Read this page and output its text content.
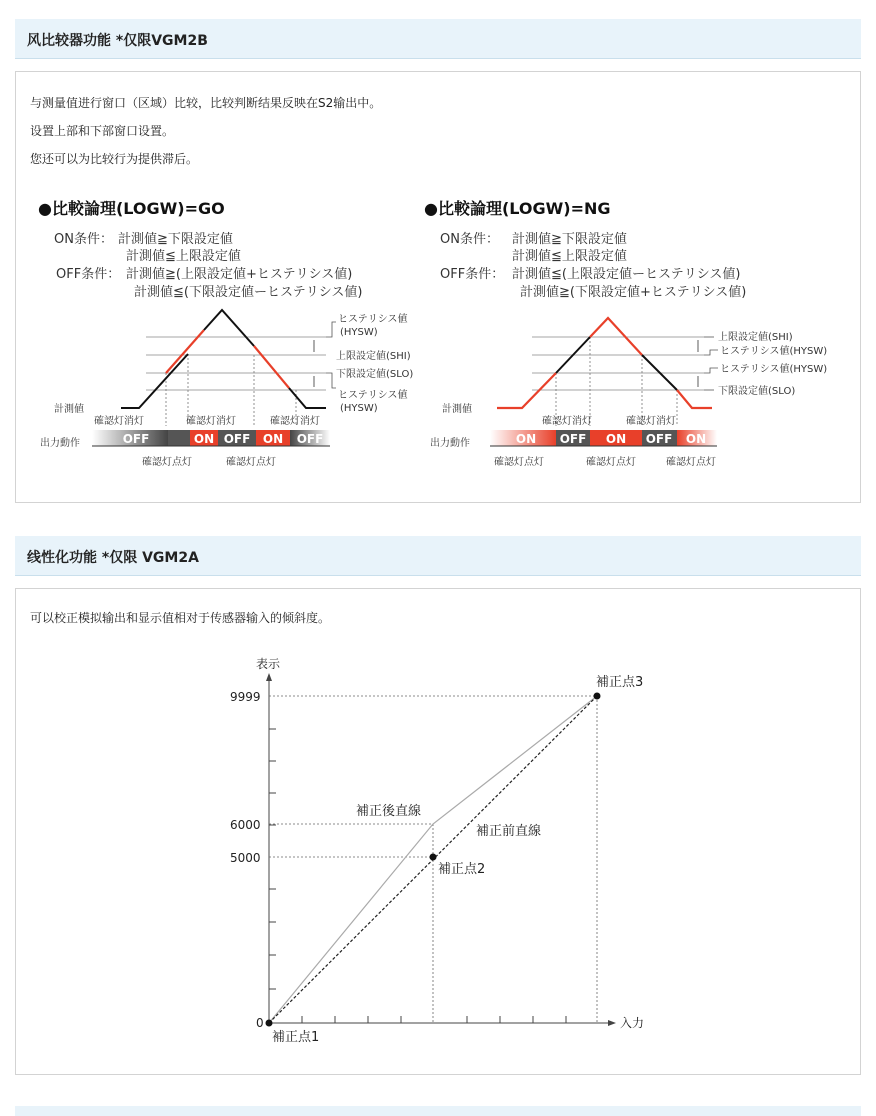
风比较器功能 *仅限VGM2B
与测量值进行窗口（区域）比较，比较判断结果反映在S2输出中。
设置上部和下部窗口设置。
您还可以为比较行为提供滞后。
●比較論理(LOGW)=GO
ON条件： 計測値≧下限設定値
計測値≦上限設定値
OFF条件： 計測値≧(上限設定値+ヒステリシス値)
計測値≦(下限設定値ーヒステリシス値)
ヒステリシス値
(HYSW)
上限設定値(SHI)
下限設定値(SLO)
ヒステリシス値
(HYSW)
計測値
確認灯消灯	確認灯消灯	確認灯消灯
出力動作	OFF	ON OFF ON OFF
確認灯点灯	確認灯点灯
●比較論理(LOGW)=NG
ON条件： 計測値≧下限設定値
計測値≦上限設定値
OFF条件： 計測値≦(上限設定値ーヒステリシス値)
計測値≧(下限設定値+ヒステリシス値)
上限設定値(SHI)
ヒステリシス値(HYSW)
ヒステリシス値(HYSW)
下限設定値(SLO)
計測値
確認灯消灯	確認灯消灯
出力動作	ON OFF ON OFF ON
確認灯点灯	確認灯点灯	確認灯点灯
线性化功能 *仅限 VGM2A
可以校正模拟输出和显示值相对于传感器输入的倾斜度。
表示
入力
9999
6000
5000
0
補正後直線
補正前直線
補正点1
補正点2
補正点3
